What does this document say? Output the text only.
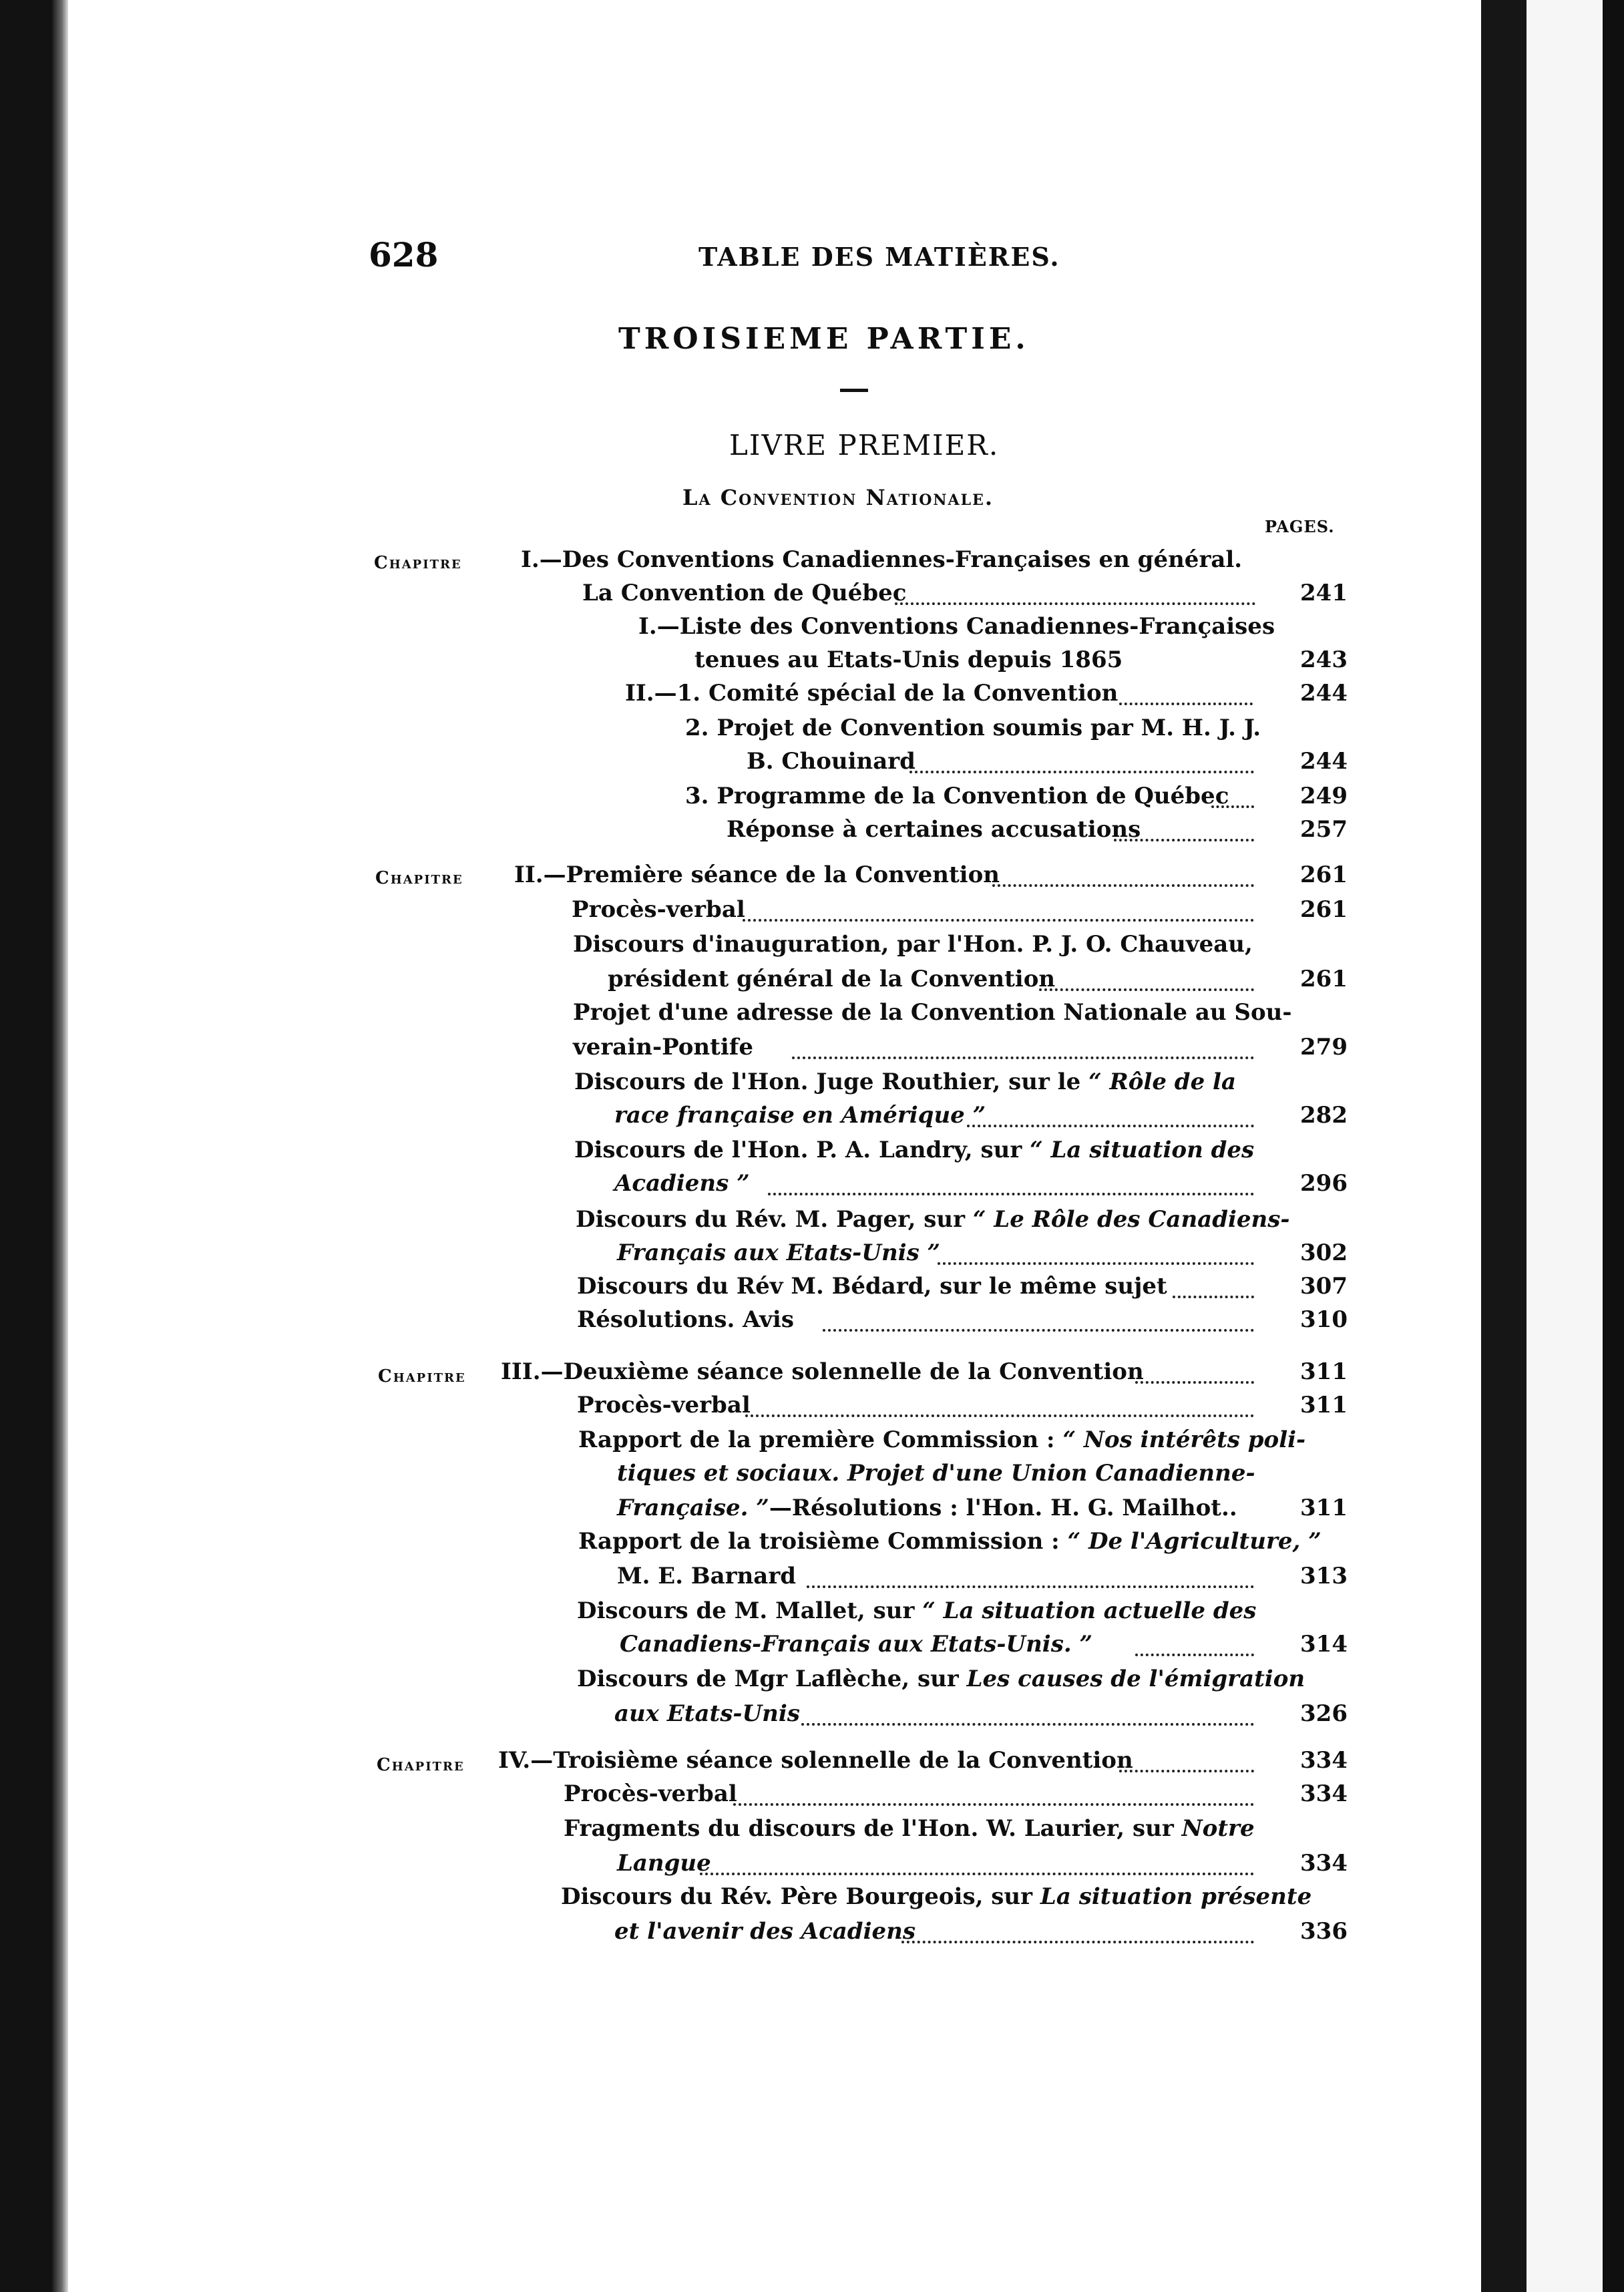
628	TABLE DES MATIÈRES.
TROISIEME PARTIE.
LIVRE PREMIER.
La Convention Nationale.
PAGES.
Chapitre	I.—Des Conventions Canadiennes-Françaises en général.
La Convention de Québec	241
I.—Liste des Conventions Canadiennes-Françaises
tenues au Etats-Unis depuis 1865	243
II.—1. Comité spécial de la Convention	244
2. Projet de Convention soumis par M. H. J. J.
B. Chouinard	244
3. Programme de la Convention de Québec	249
Réponse à certaines accusations	257
Chapitre II.—Première séance de la Convention	261
Procès-verbal	261
Discours d'inauguration, par l'Hon. P. J. O. Chauveau,
président général de la Convention	261
Projet d'une adresse de la Convention Nationale au Sou-
verain-Pontife	279
Discours de l'Hon. Juge Routhier, sur le “ Rôle de la
race française en Amérique ”	282
Discours de l'Hon. P. A. Landry, sur “ La situation des
Acadiens ”	296
Discours du Rév. M. Pager, sur “ Le Rôle des Canadiens-
Français aux Etats-Unis ”	302
Discours du Rév M. Bédard, sur le même sujet	307
Résolutions. Avis	310
Chapitre III.—Deuxième séance solennelle de la Convention	311
Procès-verbal	311
Rapport de la première Commission : “ Nos intérêts poli-
tiques et sociaux. Projet d'une Union Canadienne-
Française. ”—Résolutions : l'Hon. H. G. Mailhot..	311
Rapport de la troisième Commission : “ De l'Agriculture, ”
M. E. Barnard	313
Discours de M. Mallet, sur “ La situation actuelle des
Canadiens-Français aux Etats-Unis. ”	314
Discours de Mgr Laflèche, sur Les causes de l'émigration
aux Etats-Unis	326
Chapitre IV.—Troisième séance solennelle de la Convention	334
Procès-verbal	334
Fragments du discours de l'Hon. W. Laurier, sur Notre
Langue	334
Discours du Rév. Père Bourgeois, sur La situation présente
et l'avenir des Acadiens	336
